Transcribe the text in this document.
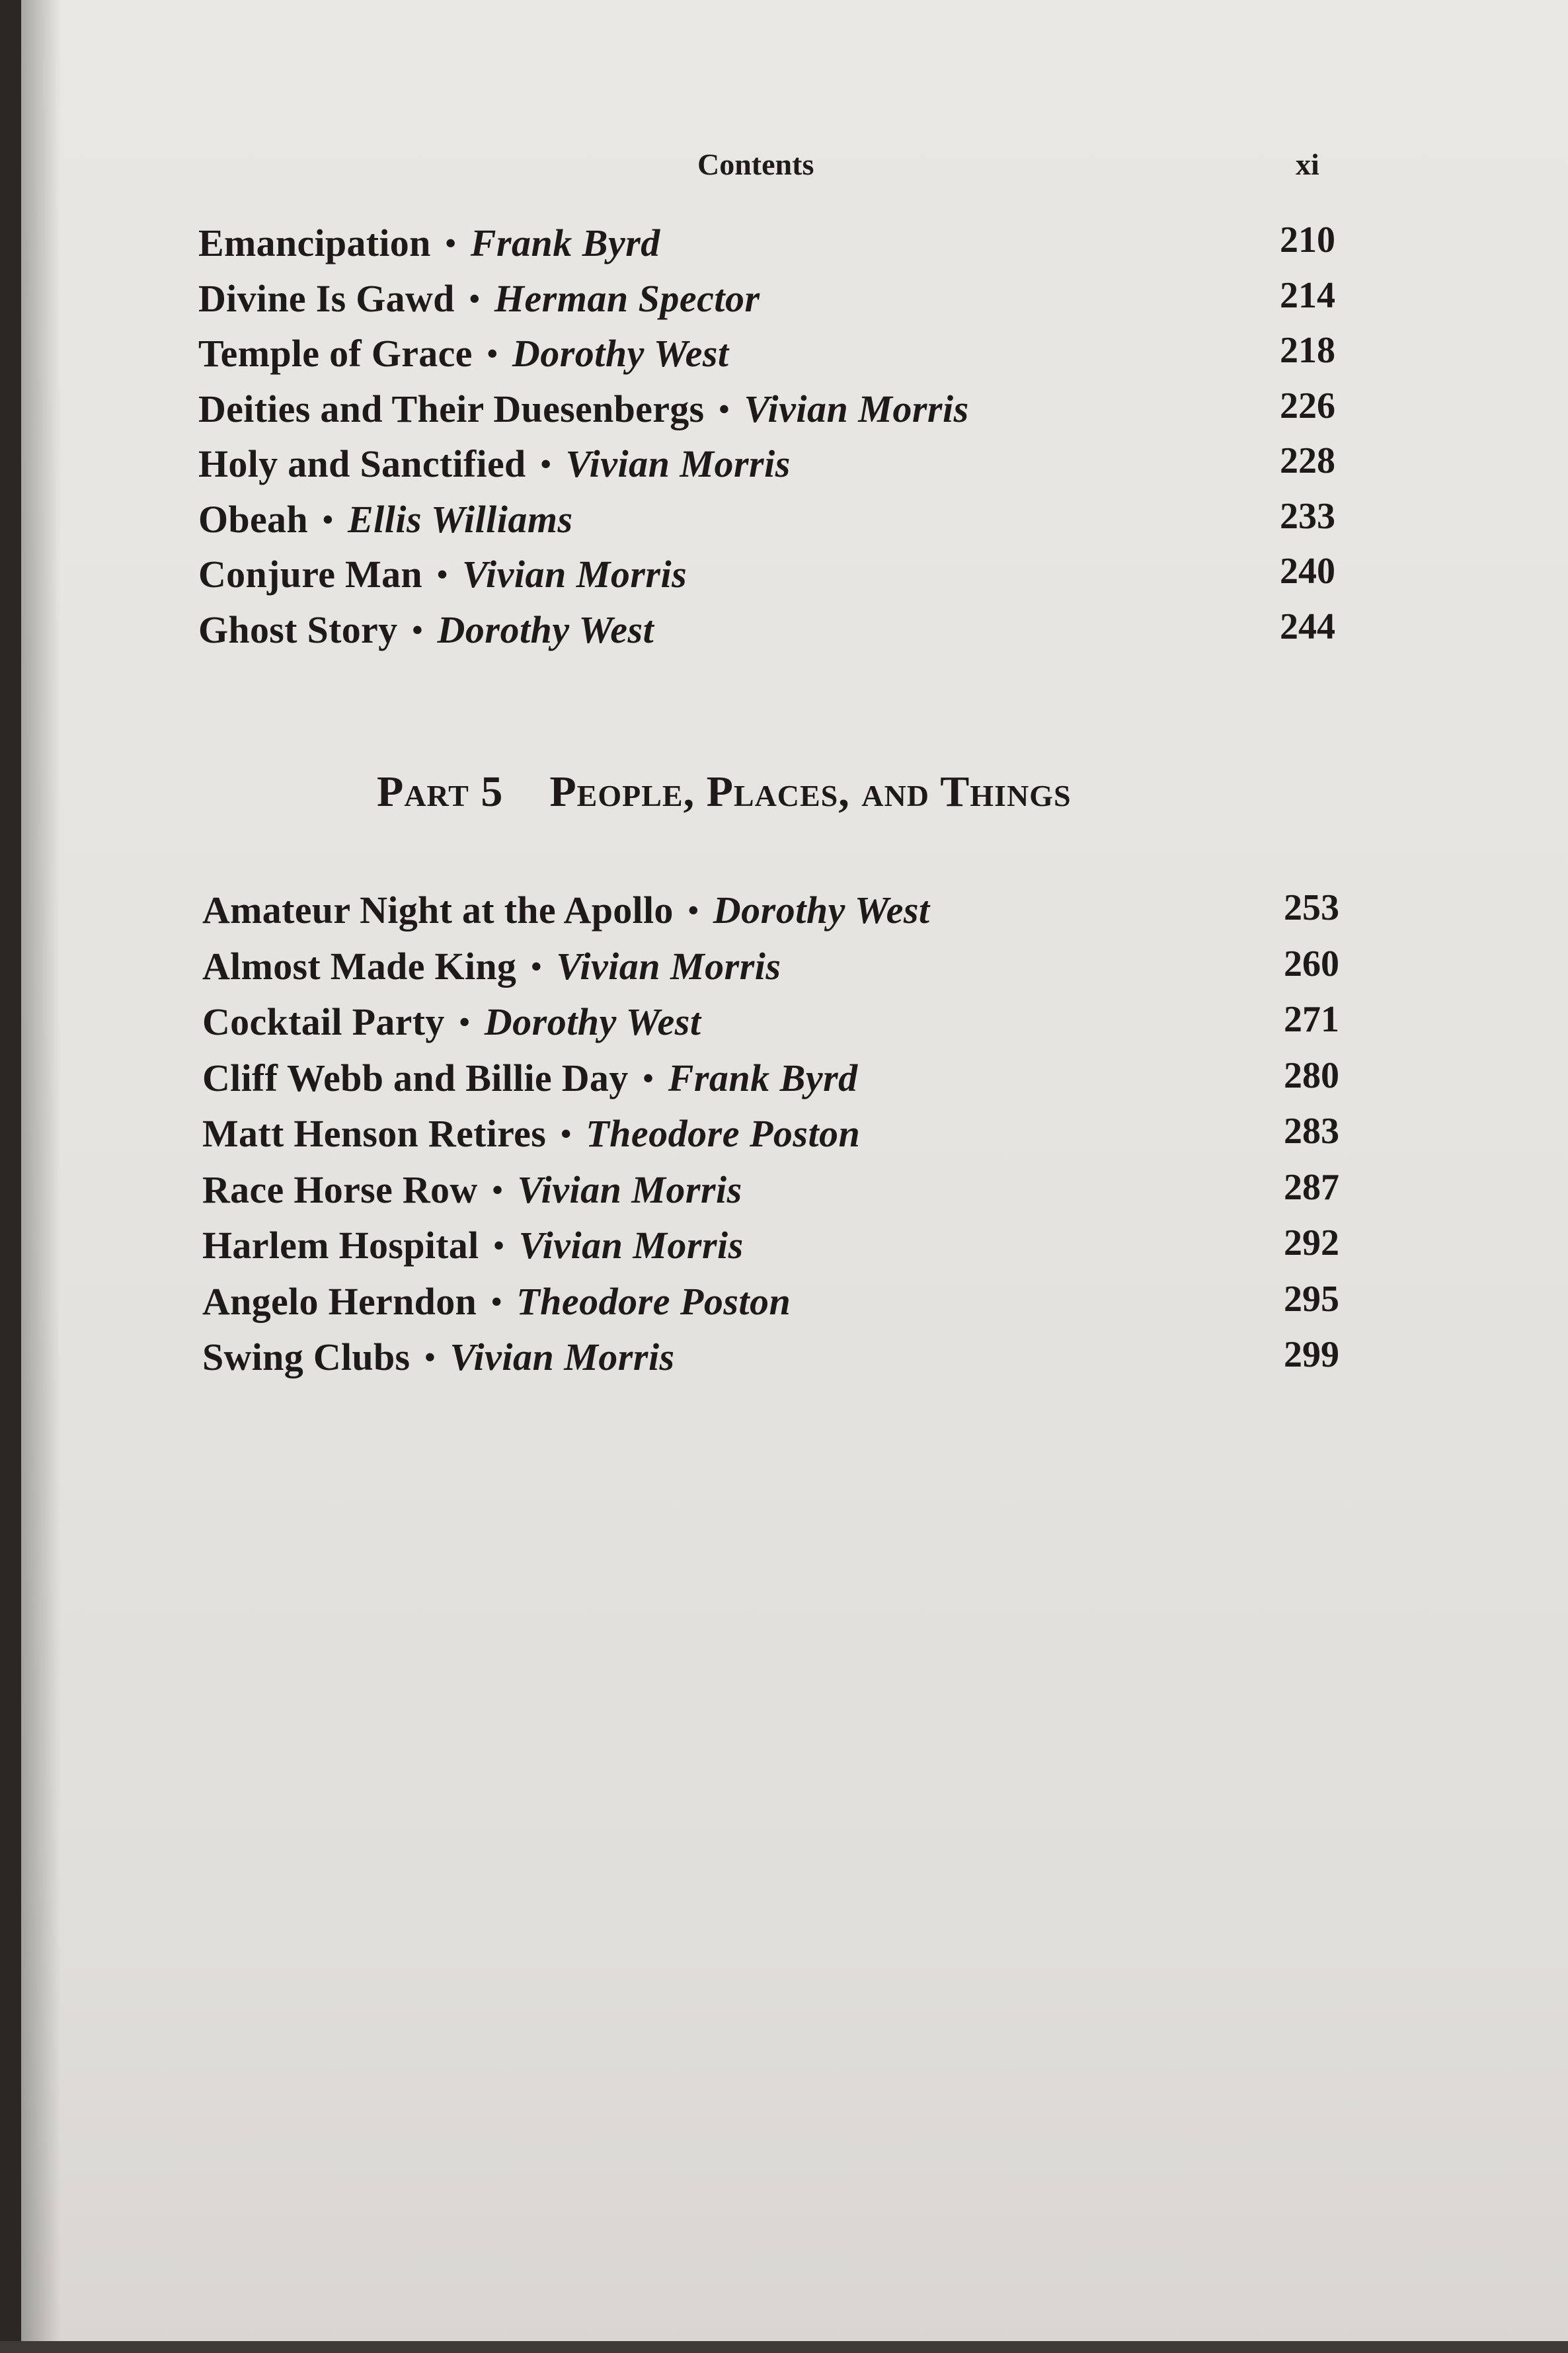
Contents	xi
Emancipation • Frank Byrd	210
Divine Is Gawd • Herman Spector	214
Temple of Grace • Dorothy West	218
Deities and Their Duesenbergs • Vivian Morris	226
Holy and Sanctified • Vivian Morris	228
Obeah • Ellis Williams	233
Conjure Man • Vivian Morris	240
Ghost Story • Dorothy West	244
Part 5 People, Places, and Things
Amateur Night at the Apollo • Dorothy West	253
Almost Made King • Vivian Morris	260
Cocktail Party • Dorothy West	271
Cliff Webb and Billie Day • Frank Byrd	280
Matt Henson Retires • Theodore Poston	283
Race Horse Row • Vivian Morris	287
Harlem Hospital • Vivian Morris	292
Angelo Herndon • Theodore Poston	295
Swing Clubs • Vivian Morris	299
